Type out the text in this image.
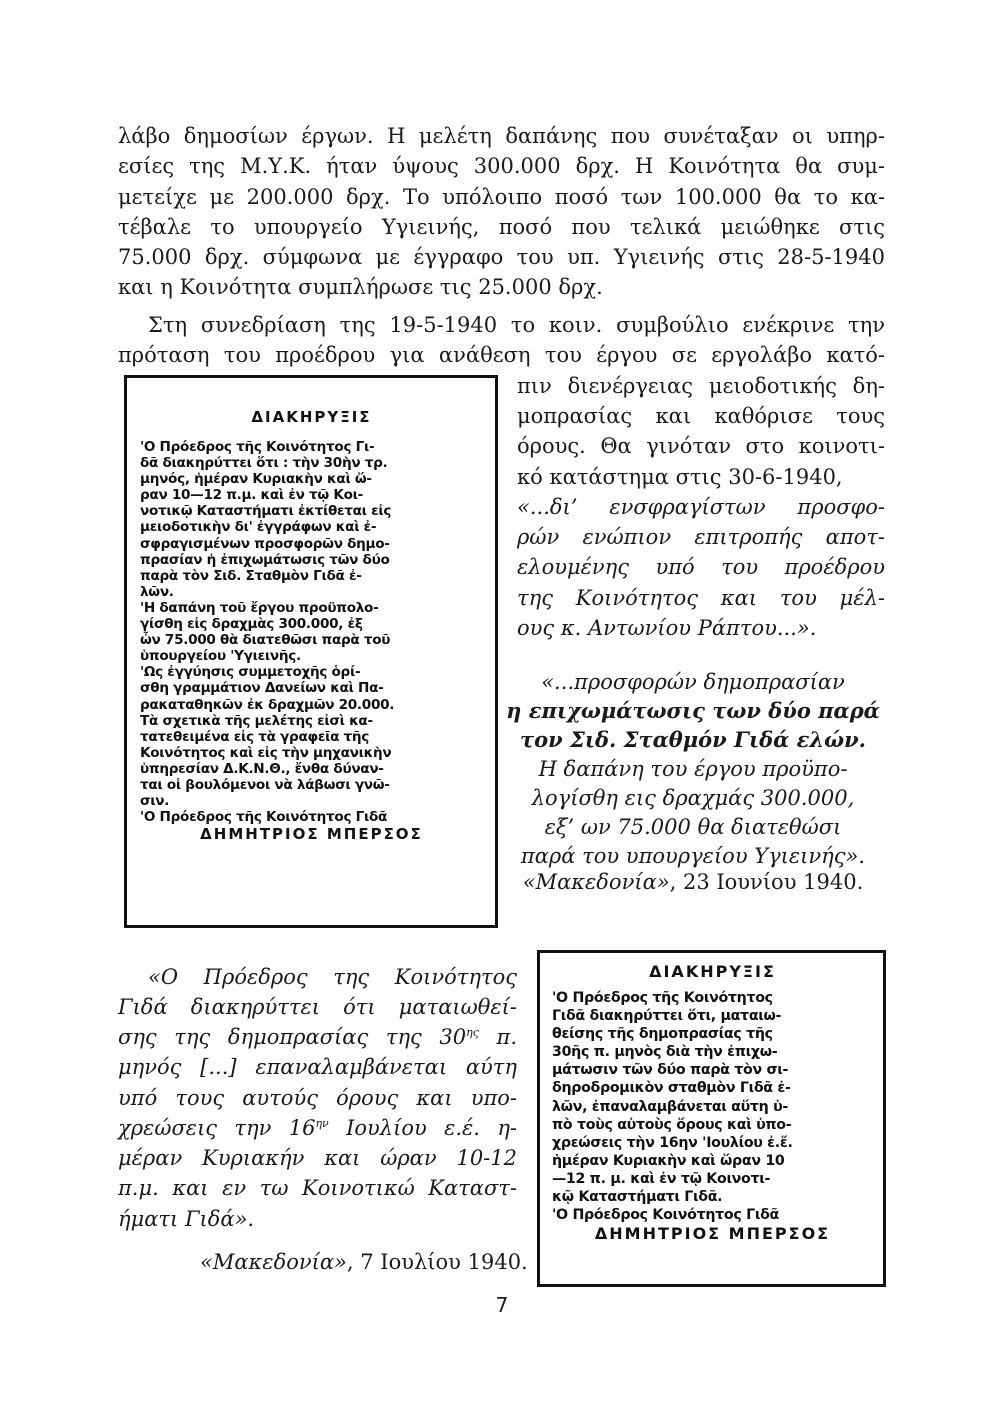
λάβο δημοσίων έργων. Η μελέτη δαπάνης που συνέταξαν οι υπηρ-
εσίες της Μ.Υ.Κ. ήταν ύψους 300.000 δρχ. Η Κοινότητα θα συμ-
μετείχε με 200.000 δρχ. Το υπόλοιπο ποσό των 100.000 θα το κα-
τέβαλε το υπουργείο Υγιεινής, ποσό που τελικά μειώθηκε στις
75.000 δρχ. σύμφωνα με έγγραφο του υπ. Υγιεινής στις 28-5-1940
και η Κοινότητα συμπλήρωσε τις 25.000 δρχ.
Στη συνεδρίαση της 19-5-1940 το κοιν. συμβούλιο ενέκρινε την
πρόταση του προέδρου για ανάθεση του έργου σε εργολάβο κατό-
πιν διενέργειας μειοδοτικής δη-
μοπρασίας και καθόρισε τους
όρους. Θα γινόταν στο κοινοτι-
κό κατάστημα στις 30-6-1940,
«...δι’ ενσφραγίστων προσφο-
ρών ενώπιον επιτροπής αποτ-
ελουμένης υπό του προέδρου
της Κοινότητος και του μέλ-
ους κ. Αντωνίου Ράπτου...».
«...προσφορών δημοπρασίαν
η επιχωμάτωσις των δύο παρά
τον Σιδ. Σταθμόν Γιδά ελών.
Η δαπάνη του έργου προϋπο-
λογίσθη εις δραχμάς 300.000,
εξ’ ων 75.000 θα διατεθώσι
παρά του υπουργείου Υγιεινής».
«Μακεδονία», 23 Ιουνίου 1940.
ΔΙΑΚΗΡΥΞΙΣ
'Ο Πρόεδρος τῆς Κοινότητος Γι-
δᾶ διακηρύττει ὅτι : τὴν 30ὴν τρ.
μηνός, ἡμέραν Κυριακὴν καὶ ὥ-
ραν 10—12 π.μ. καὶ ἐν τῷ Κοι-
νοτικῷ Καταστήματι ἐκτίθεται εἰς
μειοδοτικὴν δι' ἐγγράφων καὶ ἐ-
σφραγισμένων προσφορῶν δημο-
πρασίαν ἡ ἐπιχωμάτωσις τῶν δύο
παρὰ τὸν Σιδ. Σταθμὸν Γιδᾶ ἐ-
λῶν.
'Η δαπάνη τοῦ ἔργου προϋπολο-
γίσθη εἰς δραχμὰς 300.000, ἐξ
ὧν 75.000 θὰ διατεθῶσι παρὰ τοῦ
ὑπουργείου 'Υγιεινῆς.
'Ως ἐγγύησις συμμετοχῆς ὁρί-
σθη γραμμάτιον Δανείων καὶ Πα-
ρακαταθηκῶν ἐκ δραχμῶν 20.000.
Τὰ σχετικὰ τῆς μελέτης εἰσὶ κα-
τατεθειμένα εἰς τὰ γραφεῖα τῆς
Κοινότητος καὶ εἰς τὴν μηχανικὴν
ὑπηρεσίαν Δ.Κ.Ν.Θ., ἔνθα δύναν-
ται οἱ βουλόμενοι νὰ λάβωσι γνῶ-
σιν.
'Ο Πρόεδρος τῆς Κοινότητος Γιδᾶ
ΔΗΜΗΤΡΙΟΣ ΜΠΕΡΣΟΣ
«Ο Πρόεδρος της Κοινότητος
Γιδά διακηρύττει ότι ματαιωθεί-
σης της δημοπρασίας της $30^{\eta\varsigma}$ π.
μηνός [...] επαναλαμβάνεται αύτη
υπό τους αυτούς όρους και υπο-
χρεώσεις την $16^{\eta\nu}$ Ιουλίου ε.έ. η-
μέραν Κυριακήν και ώραν 10-12
π.μ. και εν τω Κοινοτικώ Καταστ-
ήματι Γιδά».
«Μακεδονία», 7 Ιουλίου 1940.
ΔΙΑΚΗΡΥΞΙΣ
'Ο Πρόεδρος τῆς Κοινότητος
Γιδᾶ διακηρύττει ὅτι, ματαιω-
θείσης τῆς δημοπρασίας τῆς
30ῆς π. μηνὸς διὰ τὴν ἐπιχω-
μάτωσιν τῶν δύο παρὰ τὸν σι-
δηροδρομικὸν σταθμὸν Γιδᾶ ἐ-
λῶν, ἐπαναλαμβάνεται αὕτη ὑ-
πὸ τοὺς αὐτοὺς ὅρους καὶ ὑπο-
χρεώσεις τὴν 16ην 'Ιουλίου ἐ.ἔ.
ἡμέραν Κυριακὴν καὶ ὥραν 10
—12 π. μ. καὶ ἐν τῷ Κοινοτι-
κῷ Καταστήματι Γιδᾶ.
'Ο Πρόεδρος Κοινότητος Γιδᾶ
ΔΗΜΗΤΡΙΟΣ ΜΠΕΡΣΟΣ
7
